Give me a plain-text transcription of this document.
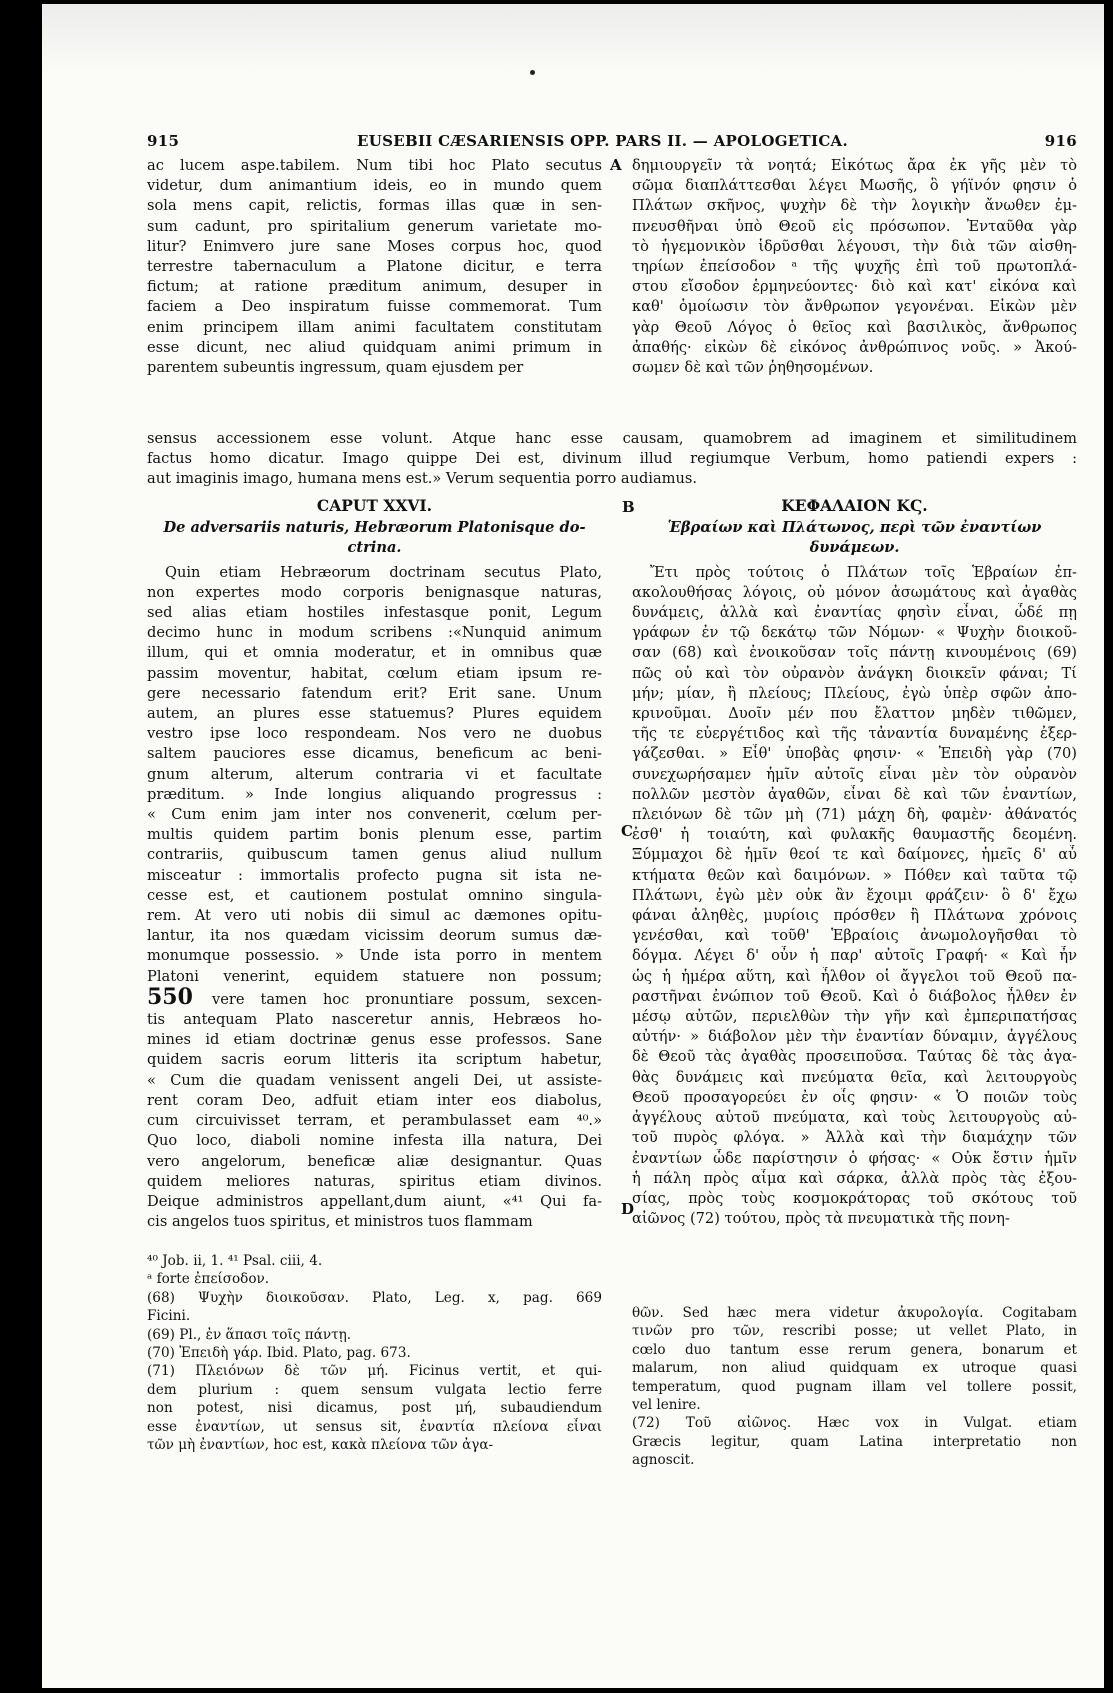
915	EUSEBII CÆSARIENSIS OPP. PARS II. — APOLOGETICA.	916
ac lucem aspe.tabilem. Num tibi hoc Plato secutus
videtur, dum animantium ideis, eo in mundo quem
sola mens capit, relictis, formas illas quæ in sen-
sum cadunt, pro spiritalium generum varietate mo-
litur? Enimvero jure sane Moses corpus hoc, quod
terrestre tabernaculum a Platone dicitur, e terra
fictum; at ratione præditum animum, desuper in
faciem a Deo inspiratum fuisse commemorat. Tum
enim principem illam animi facultatem constitutam
esse dicunt, nec aliud quidquam animi primum in
parentem subeuntis ingressum, quam ejusdem per
A δημιουργεῖν τὰ νοητά; Εἰκότως ἄρα ἐκ γῆς μὲν τὸ
σῶμα διαπλάττεσθαι λέγει Μωσῆς, ὃ γήϊνόν φησιν ὁ
Πλάτων σκῆνος, ψυχὴν δὲ τὴν λογικὴν ἄνωθεν ἐμ-
πνευσθῆναι ὑπὸ Θεοῦ εἰς πρόσωπον. Ἐνταῦθα γὰρ
τὸ ἡγεμονικὸν ἱδρῦσθαι λέγουσι, τὴν διὰ τῶν αἰσθη-
τηρίων ἐπείσοδον ᵃ τῆς ψυχῆς ἐπὶ τοῦ πρωτοπλά-
στου εἴσοδον ἑρμηνεύοντες· διὸ καὶ κατ' εἰκόνα καὶ
καθ' ὁμοίωσιν τὸν ἄνθρωπον γεγονέναι. Εἰκὼν μὲν
γὰρ Θεοῦ Λόγος ὁ θεῖος καὶ βασιλικὸς, ἄνθρωπος
ἀπαθής· εἰκὼν δὲ εἰκόνος ἀνθρώπινος νοῦς. » Ἀκού-
σωμεν δὲ καὶ τῶν ῥηθησομένων.
sensus accessionem esse volunt. Atque hanc esse causam, quamobrem ad imaginem et similitudinem
factus homo dicatur. Imago quippe Dei est, divinum illud regiumque Verbum, homo patiendi expers :
aut imaginis imago, humana mens est.» Verum sequentia porro audiamus.
CAPUT XXVI.
De adversariis naturis, Hebræorum Platonisque do-
ctrina.
Quin etiam Hebræorum doctrinam secutus Plato,
non expertes modo corporis benignasque naturas,
sed alias etiam hostiles infestasque ponit, Legum
decimo hunc in modum scribens :«Nunquid animum
illum, qui et omnia moderatur, et in omnibus quæ
passim moventur, habitat, cœlum etiam ipsum re-
gere necessario fatendum erit? Erit sane. Unum
autem, an plures esse statuemus? Plures equidem
vestro ipse loco respondeam. Nos vero ne duobus
saltem pauciores esse dicamus, beneficum ac beni-
gnum alterum, alterum contraria vi et facultate
præditum. » Inde longius aliquando progressus :
« Cum enim jam inter nos convenerit, cœlum per-
multis quidem partim bonis plenum esse, partim
contrariis, quibuscum tamen genus aliud nullum
misceatur : immortalis profecto pugna sit ista ne-
cesse est, et cautionem postulat omnino singula-
rem. At vero uti nobis dii simul ac dæmones opitu-
lantur, ita nos quædam vicissim deorum sumus dæ-
monumque possessio. » Unde ista porro in mentem
Platoni venerint, equidem statuere non possum;
550 vere tamen hoc pronuntiare possum, sexcen-
tis antequam Plato nasceretur annis, Hebræos ho-
mines id etiam doctrinæ genus esse professos. Sane
quidem sacris eorum litteris ita scriptum habetur,
« Cum die quadam venissent angeli Dei, ut assiste-
rent coram Deo, adfuit etiam inter eos diabolus,
cum circuivisset terram, et perambulasset eam ⁴⁰.»
Quo loco, diaboli nomine infesta illa natura, Dei
vero angelorum, beneficæ aliæ designantur. Quas
quidem meliores naturas, spiritus etiam divinos.
Deique administros appellant,dum aiunt, «⁴¹ Qui fa-
cis angelos tuos spiritus, et ministros tuos flammam
B
C
D
ΚΕΦΑΛΑΙΟΝ ΚϚ.
Ἑβραίων καὶ Πλάτωνος, περὶ τῶν ἐναντίων
δυνάμεων.
Ἔτι πρὸς τούτοις ὁ Πλάτων τοῖς Ἑβραίων ἐπ-
ακολουθήσας λόγοις, οὐ μόνον ἀσωμάτους καὶ ἀγαθὰς
δυνάμεις, ἀλλὰ καὶ ἐναντίας φησὶν εἶναι, ὧδέ πῃ
γράφων ἐν τῷ δεκάτῳ τῶν Νόμων· « Ψυχὴν διοικοῦ-
σαν (68) καὶ ἐνοικοῦσαν τοῖς πάντῃ κινουμένοις (69)
πῶς οὐ καὶ τὸν οὐρανὸν ἀνάγκη διοικεῖν φάναι; Τί
μήν; μίαν, ἢ πλείους; Πλείους, ἐγὼ ὑπὲρ σφῶν ἀπο-
κρινοῦμαι. Δυοῖν μέν που ἔλαττον μηδὲν τιθῶμεν,
τῆς τε εὐεργέτιδος καὶ τῆς τἀναντία δυναμένης ἐξερ-
γάζεσθαι. » Εἶθ' ὑποβὰς φησιν· « Ἐπειδὴ γὰρ (70)
συνεχωρήσαμεν ἡμῖν αὐτοῖς εἶναι μὲν τὸν οὐρανὸν
πολλῶν μεστὸν ἀγαθῶν, εἶναι δὲ καὶ τῶν ἐναντίων,
πλειόνων δὲ τῶν μὴ (71) μάχη δὴ, φαμὲν· ἀθάνατός
ἐσθ' ἡ τοιαύτη, καὶ φυλακῆς θαυμαστῆς δεομένη.
Ξύμμαχοι δὲ ἡμῖν θεοί τε καὶ δαίμονες, ἡμεῖς δ' αὖ
κτήματα θεῶν καὶ δαιμόνων. » Πόθεν καὶ ταῦτα τῷ
Πλάτωνι, ἐγὼ μὲν οὐκ ἂν ἔχοιμι φράζειν· ὃ δ' ἔχω
φάναι ἀληθὲς, μυρίοις πρόσθεν ἢ Πλάτωνα χρόνοις
γενέσθαι, καὶ τοῦθ' Ἑβραίοις ἀνωμολογῆσθαι τὸ
δόγμα. Λέγει δ' οὖν ἡ παρ' αὐτοῖς Γραφή· « Καὶ ἦν
ὡς ἡ ἡμέρα αὕτη, καὶ ἦλθον οἱ ἄγγελοι τοῦ Θεοῦ πα-
ραστῆναι ἐνώπιον τοῦ Θεοῦ. Καὶ ὁ διάβολος ἦλθεν ἐν
μέσῳ αὐτῶν, περιελθὼν τὴν γῆν καὶ ἐμπεριπατήσας
αὐτήν· » διάβολον μὲν τὴν ἐναντίαν δύναμιν, ἀγγέλους
δὲ Θεοῦ τὰς ἀγαθὰς προσειποῦσα. Ταύτας δὲ τὰς ἀγα-
θὰς δυνάμεις καὶ πνεύματα θεῖα, καὶ λειτουργοὺς
Θεοῦ προσαγορεύει ἐν οἷς φησιν· « Ὁ ποιῶν τοὺς
ἀγγέλους αὐτοῦ πνεύματα, καὶ τοὺς λειτουργοὺς αὐ-
τοῦ πυρὸς φλόγα. » Ἀλλὰ καὶ τὴν διαμάχην τῶν
ἐναντίων ὧδε παρίστησιν ὁ φήσας· « Οὐκ ἔστιν ἡμῖν
ἡ πάλη πρὸς αἷμα καὶ σάρκα, ἀλλὰ πρὸς τὰς ἐξου-
σίας, πρὸς τοὺς κοσμοκράτορας τοῦ σκότους τοῦ
αἰῶνος (72) τούτου, πρὸς τὰ πνευματικὰ τῆς πονη-
⁴⁰ Job. ii, 1. ⁴¹ Psal. ciii, 4.
ᵃ forte ἐπείσοδον.
(68) Ψυχὴν διοικοῦσαν. Plato, Leg. x, pag. 669
Ficini.
(69) Pl., ἐν ἅπασι τοῖς πάντῃ.
(70) Ἐπειδὴ γάρ. Ibid. Plato, pag. 673.
(71) Πλειόνων δὲ τῶν μή. Ficinus vertit, et qui-
dem plurium : quem sensum vulgata lectio ferre
non potest, nisi dicamus, post μή, subaudiendum
esse ἐναντίων, ut sensus sit, ἐναντία πλείονα εἶναι
τῶν μὴ ἐναντίων, hoc est, κακὰ πλείονα τῶν ἀγα-
θῶν. Sed hæc mera videtur ἀκυρολογία. Cogitabam
τινῶν pro τῶν, rescribi posse; ut vellet Plato, in
cœlo duo tantum esse rerum genera, bonarum et
malarum, non aliud quidquam ex utroque quasi
temperatum, quod pugnam illam vel tollere possit,
vel lenire.
(72) Τοῦ αἰῶνος. Hæc vox in Vulgat. etiam
Græcis legitur, quam Latina interpretatio non
agnoscit.
